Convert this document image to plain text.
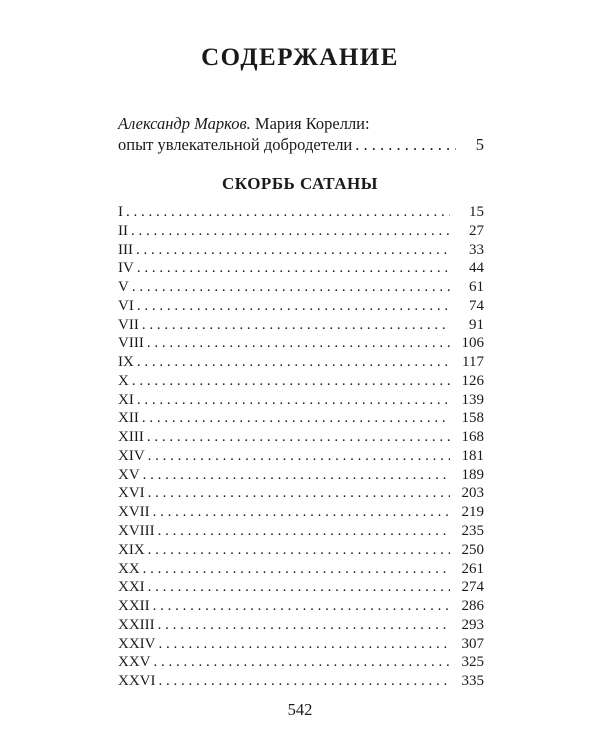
СОДЕРЖАНИЕ
Александр Марков. Мария Корелли:
опыт увлекательной добродетели . . .	5
СКОРБЬ САТАНЫ
I . . .	15
II . . .	27
III . . .	33
IV . . .	44
V . . .	61
VI . . .	74
VII . . .	91
VIII . . .	106
IX . . .	117
X . . .	126
XI . . .	139
XII . . .	158
XIII . . .	168
XIV . . .	181
XV . . .	189
XVI . . .	203
XVII . . .	219
XVIII . . .	235
XIX . . .	250
XX . . .	261
XXI . . .	274
XXII . . .	286
XXIII . . .	293
XXIV . . .	307
XXV . . .	325
XXVI . . .	335
542
